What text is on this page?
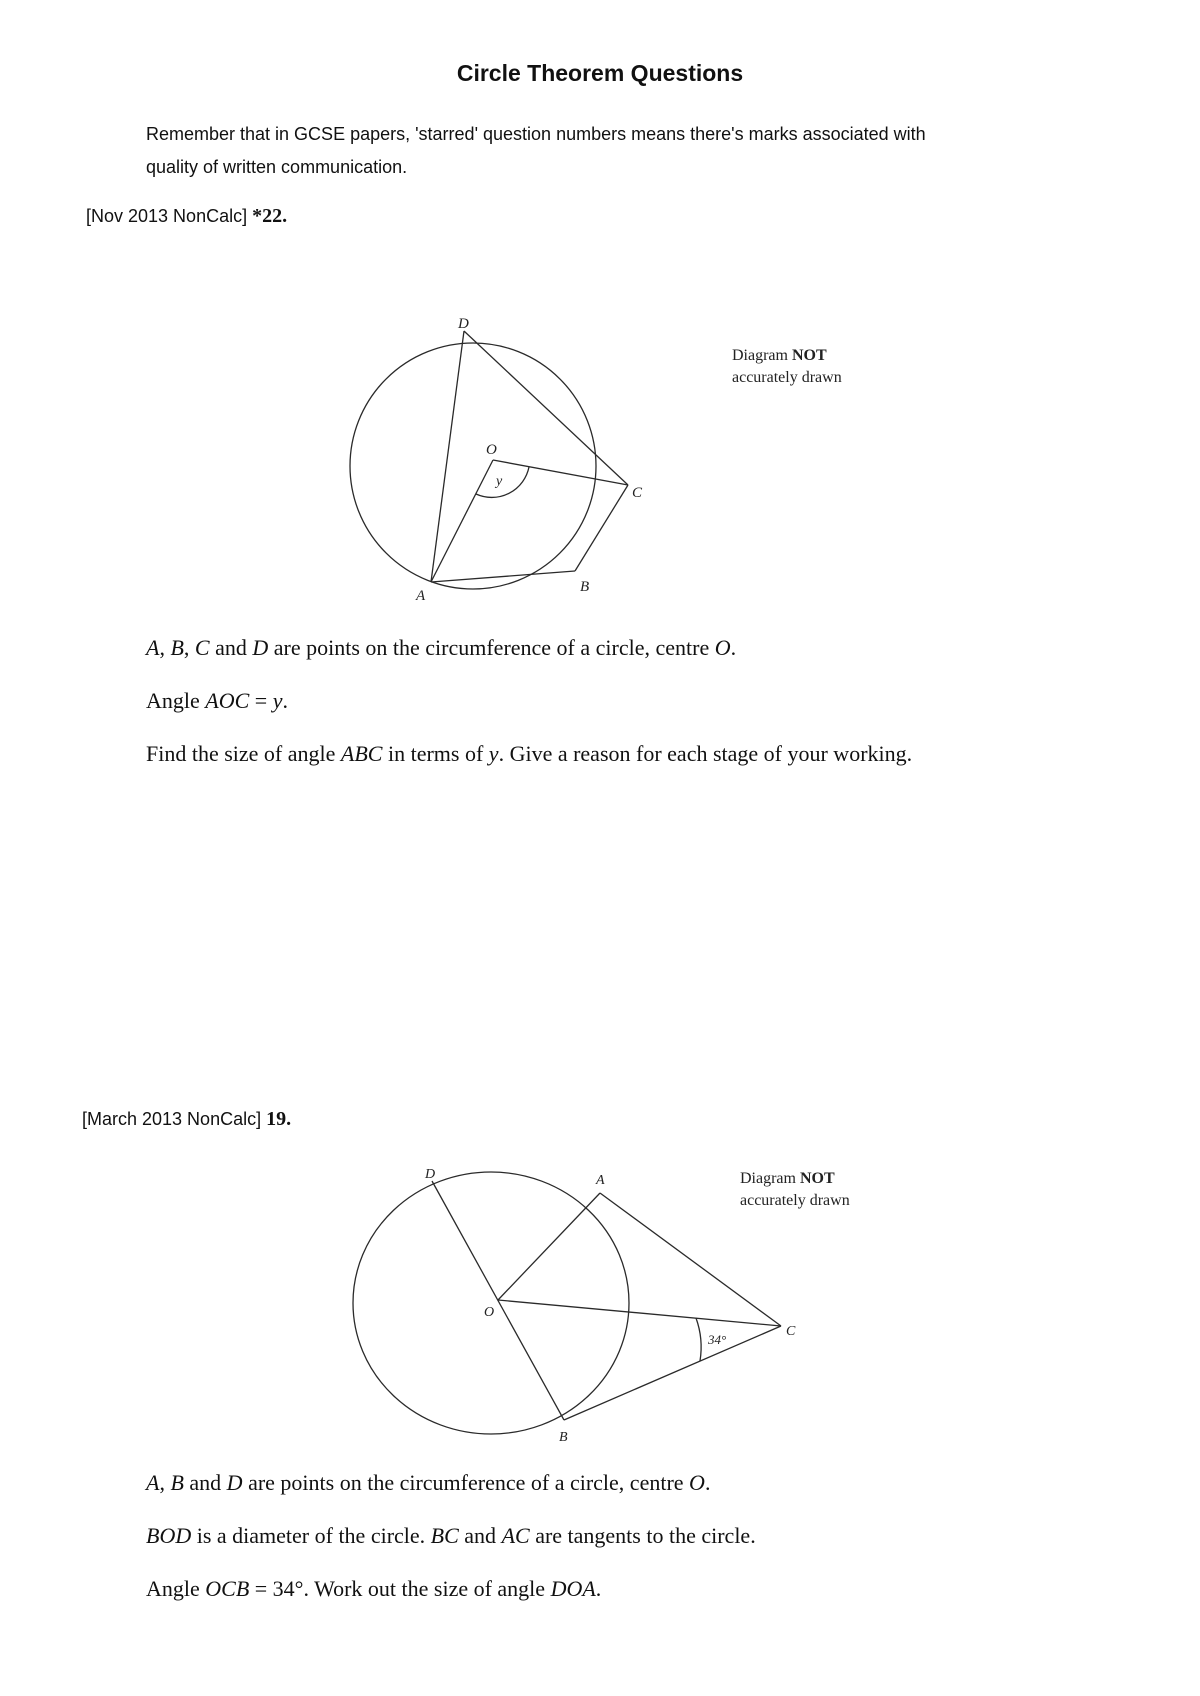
Circle Theorem Questions
Remember that in GCSE papers, 'starred' question numbers means there's marks associated with
quality of written communication.
[Nov 2013 NonCalc] *22.
D
O
y
C
A
B
Diagram NOT
accurately drawn
A, B, C and D are points on the circumference of a circle, centre O.
Angle AOC = y.
Find the size of angle ABC in terms of y. Give a reason for each stage of your working.
[March 2013 NonCalc] 19.
D	A
O
C
B
34°
Diagram NOT
accurately drawn
A, B and D are points on the circumference of a circle, centre O.
BOD is a diameter of the circle. BC and AC are tangents to the circle.
Angle OCB = 34°. Work out the size of angle DOA.
